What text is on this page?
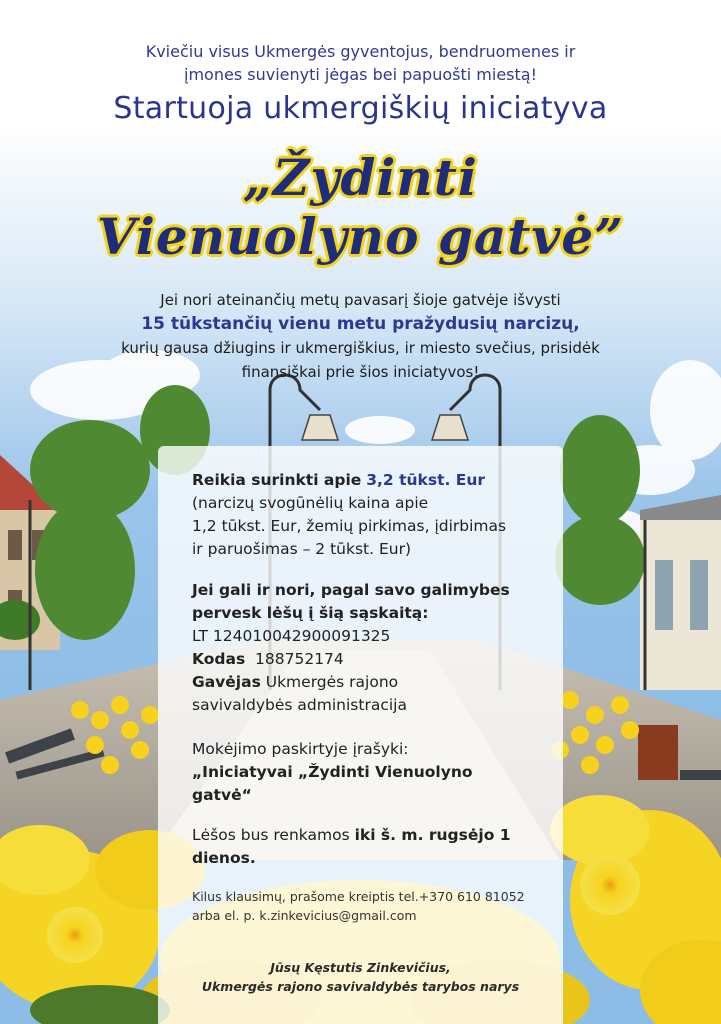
Kviečiu visus Ukmergės gyventojus, bendruomenes ir
įmones suvienyti jėgas bei papuošti miestą!
Startuoja ukmergiškių iniciatyva
„Žydinti
Vienuolyno gatvė”
Jei nori ateinančių metų pavasarį šioje gatvėje išvysti
15 tūkstančių vienu metu pražydusių narcizų,
kurių gausa džiugins ir ukmergiškius, ir miesto svečius, prisidėk
finansiškai prie šios iniciatyvos!
Reikia surinkti apie 3,2 tūkst. Eur
(narcizų svogūnėlių kaina apie
1,2 tūkst. Eur, žemių pirkimas, įdirbimas
ir paruošimas – 2 tūkst. Eur)
Jei gali ir nori, pagal savo galimybes
pervesk lėšų į šią sąskaitą:
LT 124010042900091325
Kodas 188752174
Gavėjas Ukmergės rajono
savivaldybės administracija
Mokėjimo paskirtyje įrašyki:
„Iniciatyvai „Žydinti Vienuolyno
gatvė“
Lėšos bus renkamos iki š. m. rugsėjo 1
dienos.
Kilus klausimų, prašome kreiptis tel.+370 610 81052
arba el. p. k.zinkevicius@gmail.com
Jūsų Kęstutis Zinkevičius,
Ukmergės rajono savivaldybės tarybos narys
